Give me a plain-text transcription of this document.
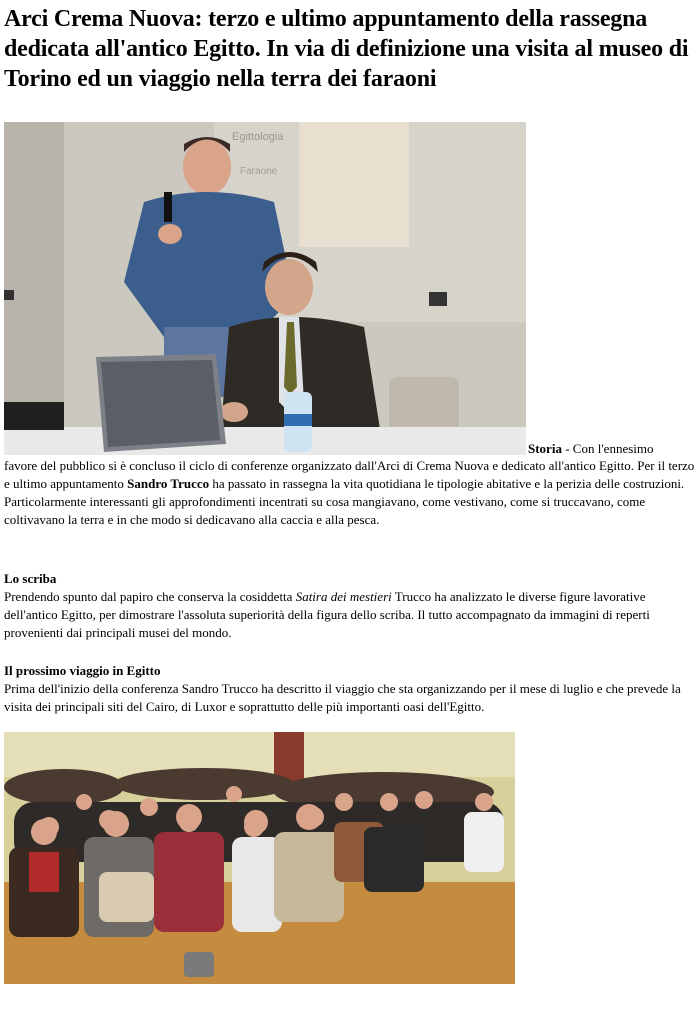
Arci Crema Nuova: terzo e ultimo appuntamento della rassegna dedicata all'antico Egitto. In via di definizione una visita al museo di Torino ed un viaggio nella terra dei faraoni
Egittologia
Faraone
Storia - Con l'ennesimo

favore del pubblico si è concluso il ciclo di conferenze organizzato dall'Arci di Crema Nuova e dedicato all'antico Egitto. Per il terzo e ultimo appuntamento Sandro Trucco ha passato in rassegna la vita quotidiana le tipologie abitative e la perizia delle costruzioni. Particolarmente interessanti gli approfondimenti incentrati su cosa mangiavano, come vestivano, come si truccavano, come coltivavano la terra e in che modo si dedicavano alla caccia e alla pesca.
Lo scriba

Prendendo spunto dal papiro che conserva la cosiddetta Satira dei mestieri Trucco ha analizzato le diverse figure lavorative dell'antico Egitto, per dimostrare l'assoluta superiorità della figura dello scriba. Il tutto accompagnato da immagini di reperti provenienti dai principali musei del mondo.

Il prossimo viaggio in Egitto

Prima dell'inizio della conferenza Sandro Trucco ha descritto il viaggio che sta organizzando per il mese di luglio e che prevede la visita dei principali siti del Cairo, di Luxor e soprattutto delle più importanti oasi dell'Egitto.
